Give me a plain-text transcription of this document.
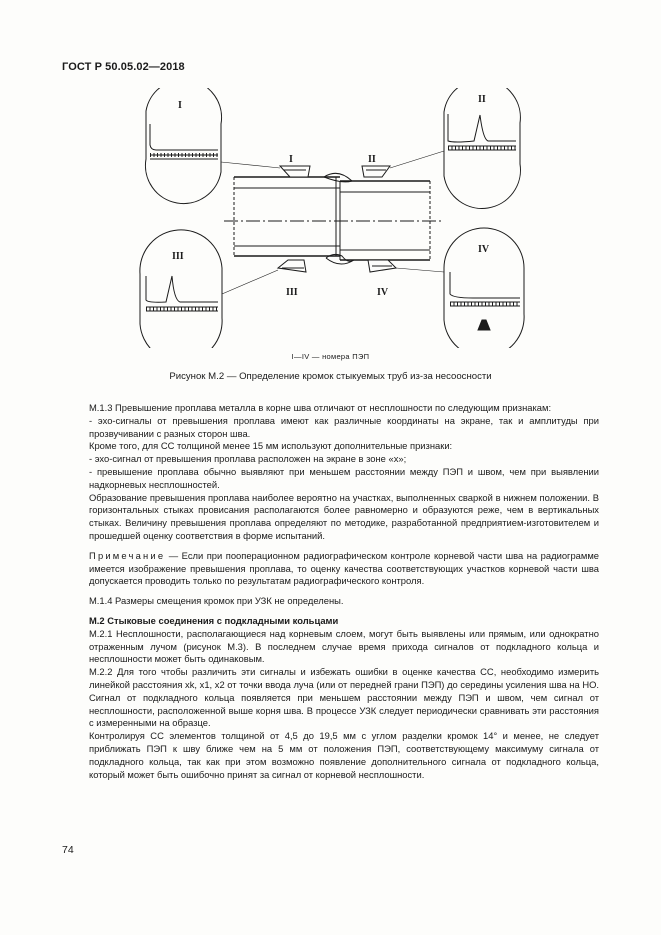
ГОСТ Р 50.05.02—2018
I
II
III
IV
I	II
III	IV
I—IV — номера ПЭП
Рисунок М.2 — Определение кромок стыкуемых труб из-за несоосности

М.1.3 Превышение проплава металла в корне шва отличают от несплошности по следующим признакам:

- эхо-сигналы от превышения проплава имеют как различные координаты на экране, так и амплитуды при прозвучивании с разных сторон шва.

Кроме того, для СС толщиной менее 15 мм используют дополнительные признаки:

- эхо-сигнал от превышения проплава расположен на экране в зоне «x»;

- превышение проплава обычно выявляют при меньшем расстоянии между ПЭП и швом, чем при выявлении надкорневых несплошностей.

Образование превышения проплава наиболее вероятно на участках, выполненных сваркой в нижнем положении. В горизонтальных стыках провисания располагаются более равномерно и образуются реже, чем в вертикальных стыках. Величину превышения проплава определяют по методике, разработанной предприятием-изготовителем и прошедшей оценку соответствия в форме испытаний.

Примечание — Если при пооперационном радиографическом контроле корневой части шва на радиограмме имеется изображение превышения проплава, то оценку качества соответствующих участков корневой части шва допускается проводить только по результатам радиографического контроля.

М.1.4 Размеры смещения кромок при УЗК не определены.

М.2 Стыковые соединения с подкладными кольцами

М.2.1 Несплошности, располагающиеся над корневым слоем, могут быть выявлены или прямым, или однократно отраженным лучом (рисунок М.3). В последнем случае время прихода сигналов от подкладного кольца и несплошности может быть одинаковым.

М.2.2 Для того чтобы различить эти сигналы и избежать ошибки в оценке качества СС, необходимо измерить линейкой расстояния xk, x1, x2 от точки ввода луча (или от передней грани ПЭП) до середины усиления шва на НО. Сигнал от подкладного кольца появляется при меньшем расстоянии между ПЭП и швом, чем сигнал от несплошности, расположенной выше корня шва. В процессе УЗК следует периодически сравнивать эти расстояния с измеренными на образце.

Контролируя СС элементов толщиной от 4,5 до 19,5 мм с углом разделки кромок 14° и менее, не следует приближать ПЭП к шву ближе чем на 5 мм от положения ПЭП, соответствующему максимуму сигнала от подкладного кольца, так как при этом возможно появление дополнительного сигнала от подкладного кольца, который может быть ошибочно принят за сигнал от корневой несплошности.

74
